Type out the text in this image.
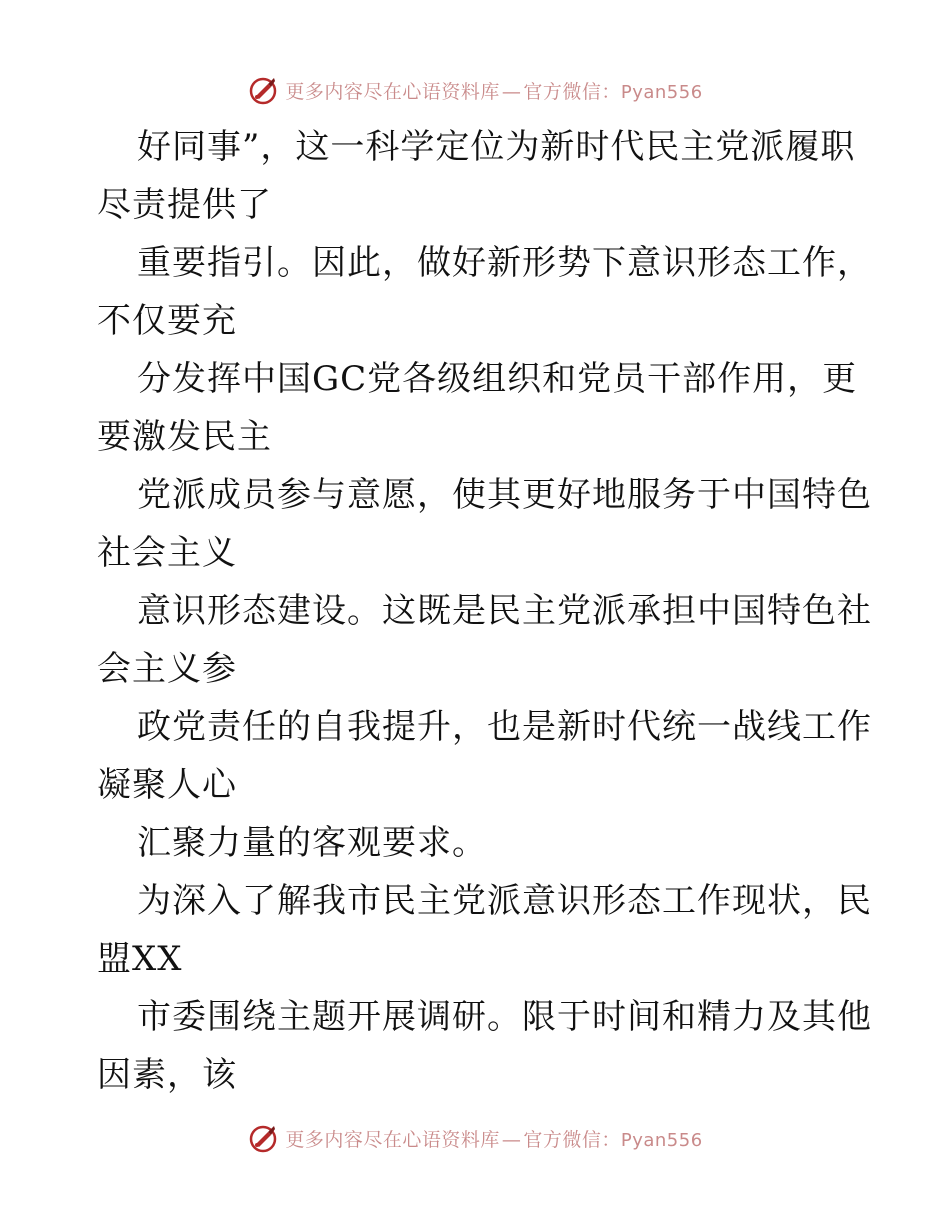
更多内容尽在心语资料库 — 官方微信：Pyan556
好同事”，这一科学定位为新时代民主党派履职
尽责提供了
重要指引。因此，做好新形势下意识形态工作，
不仅要充
分发挥中国GC党各级组织和党员干部作用，更
要激发民主
党派成员参与意愿，使其更好地服务于中国特色
社会主义
意识形态建设。这既是民主党派承担中国特色社
会主义参
政党责任的自我提升，也是新时代统一战线工作
凝聚人心
汇聚力量的客观要求。
为深入了解我市民主党派意识形态工作现状，民
盟XX
市委围绕主题开展调研。限于时间和精力及其他
因素，该
更多内容尽在心语资料库 — 官方微信：Pyan556
